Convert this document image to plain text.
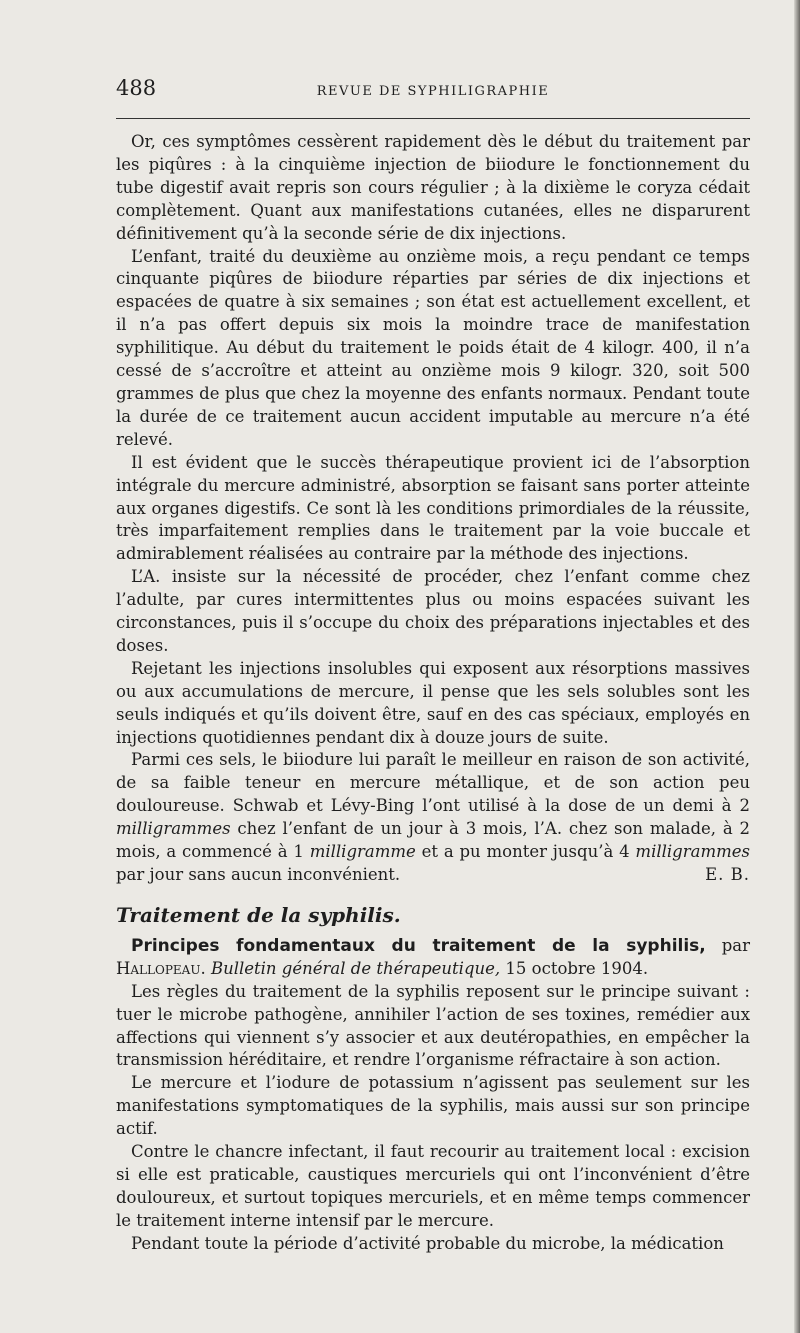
488	REVUE DE SYPHILIGRAPHIE

Or, ces symptômes cessèrent rapidement dès le début du traitement par les piqûres : à la cinquième injection de biiodure le fonctionnement du tube digestif avait repris son cours régulier ; à la dixième le coryza cédait complètement. Quant aux manifestations cutanées, elles ne disparurent définitivement qu’à la seconde série de dix injections.

L’enfant, traité du deuxième au onzième mois, a reçu pendant ce temps cinquante piqûres de biiodure réparties par séries de dix injections et espacées de quatre à six semaines ; son état est actuellement excellent, et il n’a pas offert depuis six mois la moindre trace de manifestation syphilitique. Au début du traitement le poids était de 4 kilogr. 400, il n’a cessé de s’accroître et atteint au onzième mois 9 kilogr. 320, soit 500 grammes de plus que chez la moyenne des enfants normaux. Pendant toute la durée de ce traitement aucun accident imputable au mercure n’a été relevé.

Il est évident que le succès thérapeutique provient ici de l’absorption intégrale du mercure administré, absorption se faisant sans porter atteinte aux organes digestifs. Ce sont là les conditions primordiales de la réussite, très imparfaitement remplies dans le traitement par la voie buccale et admirablement réalisées au contraire par la méthode des injections.

L’A. insiste sur la nécessité de procéder, chez l’enfant comme chez l’adulte, par cures intermittentes plus ou moins espacées suivant les circonstances, puis il s’occupe du choix des préparations injectables et des doses.

Rejetant les injections insolubles qui exposent aux résorptions massives ou aux accumulations de mercure, il pense que les sels solubles sont les seuls indiqués et qu’ils doivent être, sauf en des cas spéciaux, employés en injections quotidiennes pendant dix à douze jours de suite.

Parmi ces sels, le biiodure lui paraît le meilleur en raison de son activité, de sa faible teneur en mercure métallique, et de son action peu douloureuse. Schwab et Lévy-Bing l’ont utilisé à la dose de un demi à 2 milligrammes chez l’enfant de un jour à 3 mois, l’A. chez son malade, à 2 mois, a commencé à 1 milligramme et a pu monter jusqu’à 4 milligrammes par jour sans aucun inconvénient.	E. B.

Traitement de la syphilis.

Principes fondamentaux du traitement de la syphilis, par Hallopeau. Bulletin général de thérapeutique, 15 octobre 1904.

Les règles du traitement de la syphilis reposent sur le principe suivant : tuer le microbe pathogène, annihiler l’action de ses toxines, remédier aux affections qui viennent s’y associer et aux deutéropathies, en empêcher la transmission héréditaire, et rendre l’organisme réfractaire à son action.

Le mercure et l’iodure de potassium n’agissent pas seulement sur les manifestations symptomatiques de la syphilis, mais aussi sur son principe actif.

Contre le chancre infectant, il faut recourir au traitement local : excision si elle est praticable, caustiques mercuriels qui ont l’inconvénient d’être douloureux, et surtout topiques mercuriels, et en même temps commencer le traitement interne intensif par le mercure.

Pendant toute la période d’activité probable du microbe, la médication
